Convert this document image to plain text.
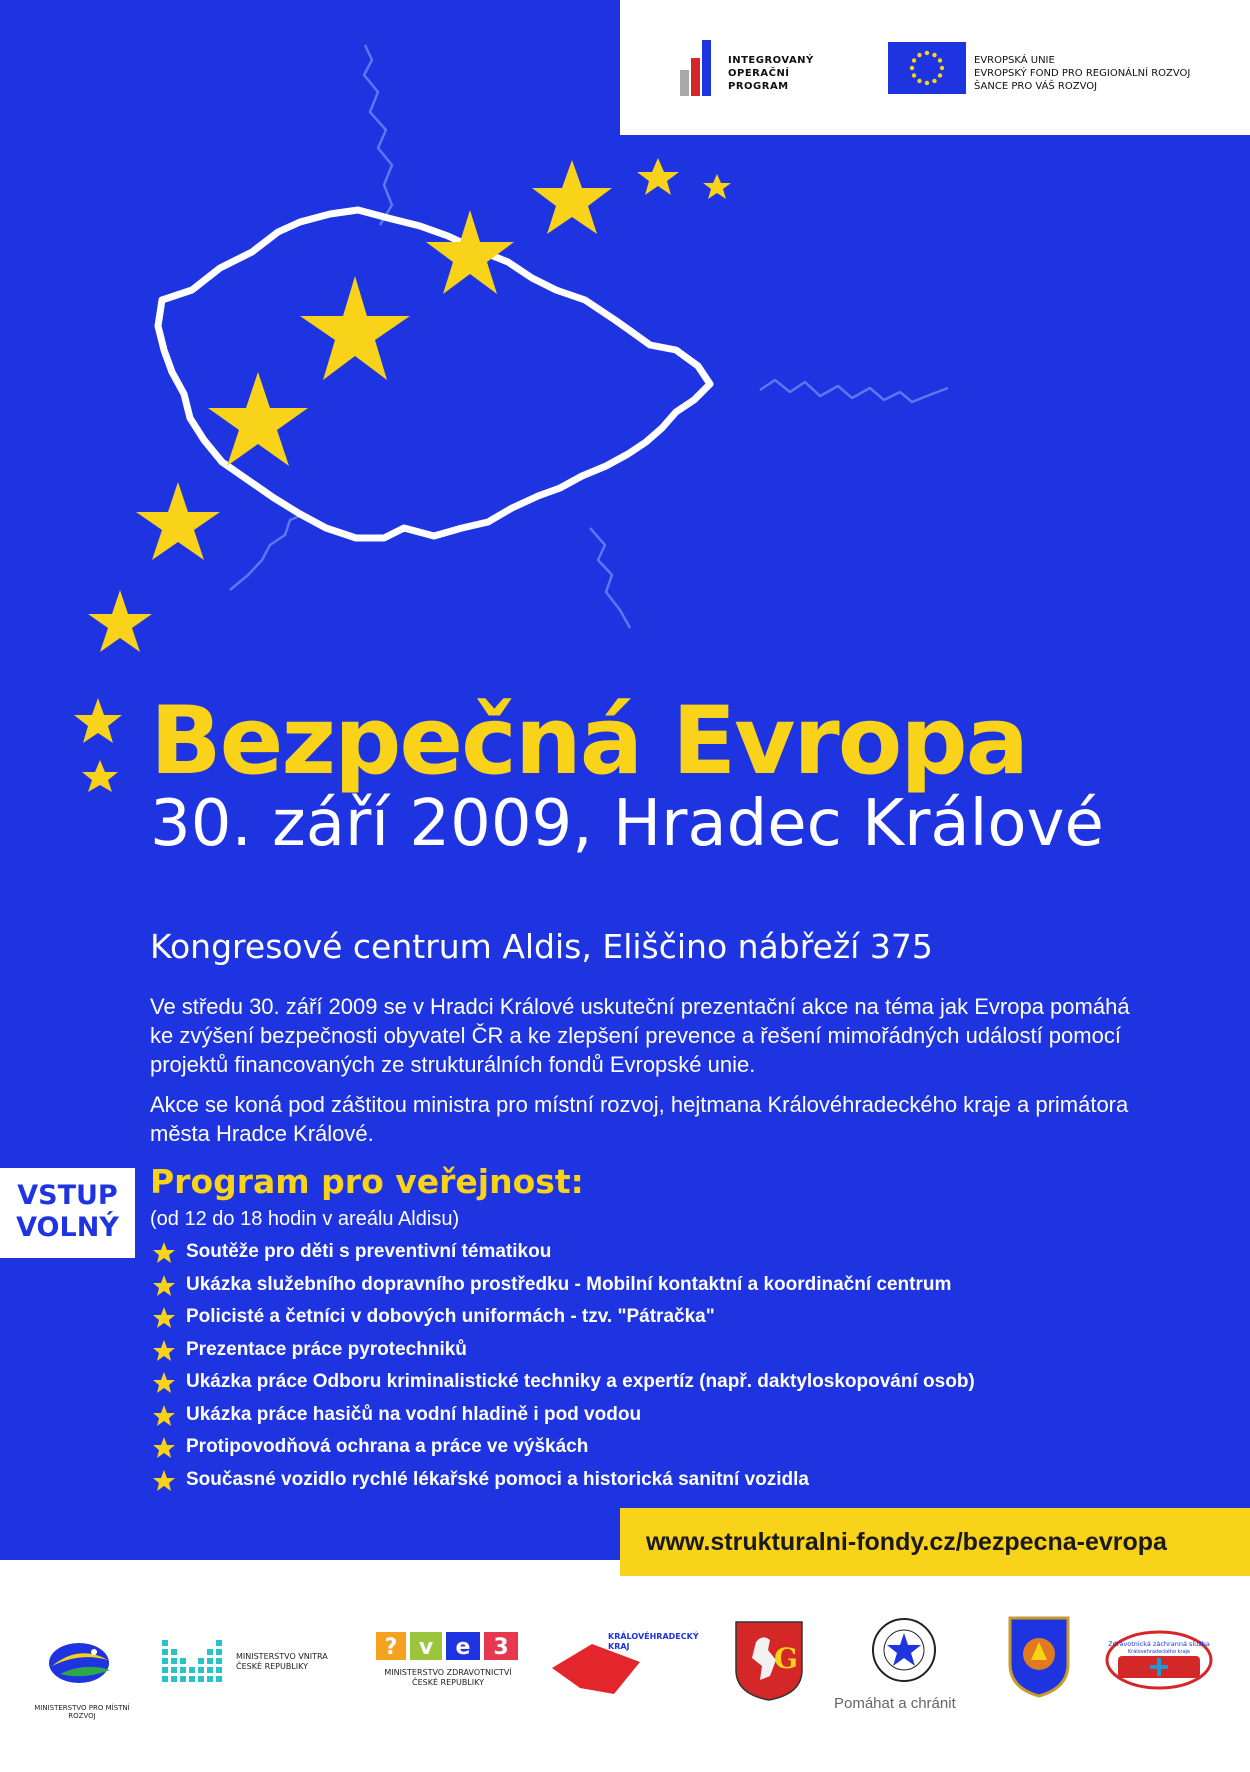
INTEGROVANÝ
OPERAČNÍ
PROGRAM
EVROPSKÁ UNIE
EVROPSKÝ FOND PRO REGIONÁLNÍ ROZVOJ
ŠANCE PRO VÁŠ ROZVOJ
Bezpečná Evropa
30. září 2009, Hradec Králové
Kongresové centrum Aldis, Eliščino nábřeží 375
Ve středu 30. září 2009 se v Hradci Králové uskuteční prezentační akce na téma jak Evropa pomáhá ke zvýšení bezpečnosti obyvatel ČR a ke zlepšení prevence a řešení mimořádných událostí pomocí projektů financovaných ze strukturálních fondů Evropské unie.
Akce se koná pod záštitou ministra pro místní rozvoj, hejtmana Královéhradeckého kraje a primátora města Hradce Králové.
VSTUP
VOLNÝ
Program pro veřejnost:
(od 12 do 18 hodin v areálu Aldisu)
Soutěže pro děti s preventivní tématikou
Ukázka služebního dopravního prostředku - Mobilní kontaktní a koordinační centrum
Policisté a četníci v dobových uniformách - tzv. "Pátračka"
Prezentace práce pyrotechniků
Ukázka práce Odboru kriminalistické techniky a expertíz (např. daktyloskopování osob)
Ukázka práce hasičů na vodní hladině i pod vodou
Protipovodňová ochrana a práce ve výškách
Současné vozidlo rychlé lékařské pomoci a historická sanitní vozidla
www.strukturalni-fondy.cz/bezpecna-evropa
MINISTERSTVO PRO MÍSTNÍ ROZVOJ
MINISTERSTVO VNITRA
ČESKÉ REPUBLIKY
? v e 3
MINISTERSTVO ZDRAVOTNICTVÍ
ČESKÉ REPUBLIKY
KRÁLOVÉHRADECKÝ
KRAJ	G
Pomáhat a chránit
Zdravotnická záchranná služba
Královéhradeckého kraje
